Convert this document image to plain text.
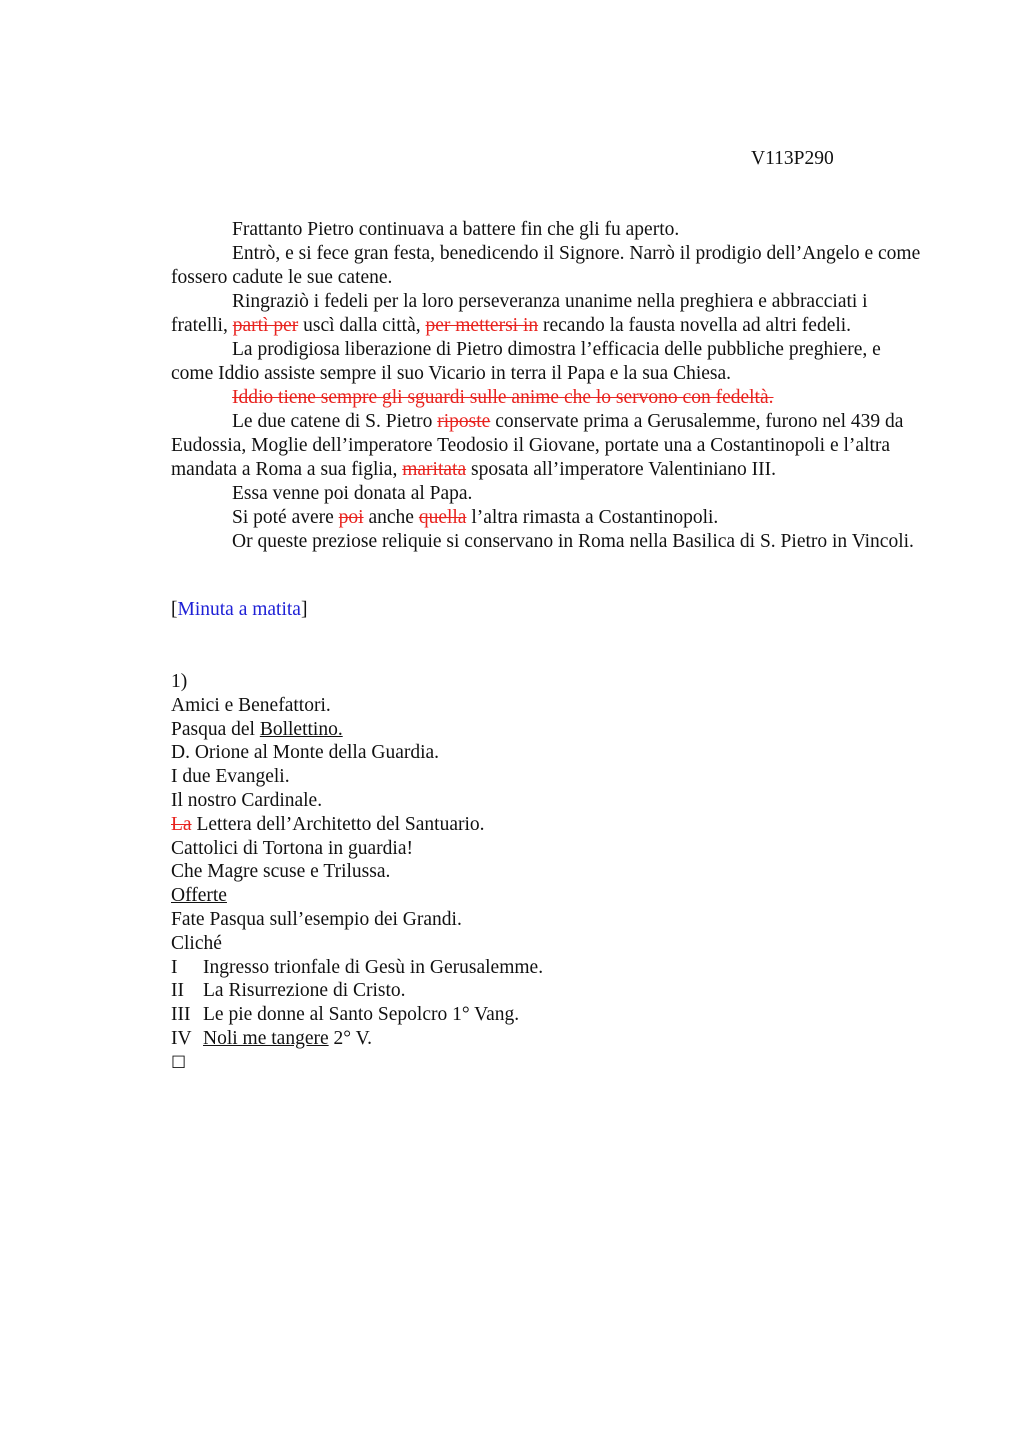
V113P290

Frattanto Pietro continuava a battere fin che gli fu aperto.

Entrò, e si fece gran festa, benedicendo il Signore. Narrò il prodigio dell’Angelo e come fossero cadute le sue catene.

Ringraziò i fedeli per la loro perseveranza unanime nella preghiera e abbracciati i fratelli, partì per uscì dalla città, per mettersi in recando la fausta novella ad altri fedeli.

La prodigiosa liberazione di Pietro dimostra l’efficacia delle pubbliche preghiere, e come Iddio assiste sempre il suo Vicario in terra il Papa e la sua Chiesa.

Iddio tiene sempre gli sguardi sulle anime che lo servono con fedeltà.

Le due catene di S. Pietro riposte conservate prima a Gerusalemme, furono nel 439 da Eudossia, Moglie dell’imperatore Teodosio il Giovane, portate una a Costantinopoli e l’altra mandata a Roma a sua figlia, maritata sposata all’imperatore Valentiniano III.

Essa venne poi donata al Papa.

Si poté avere poi anche quella l’altra rimasta a Costantinopoli.

Or queste preziose reliquie si conservano in Roma nella Basilica di S. Pietro in Vincoli.

[Minuta a matita]
1)
Amici e Benefattori.
Pasqua del Bollettino.
D. Orione al Monte della Guardia.
I due Evangeli.
Il nostro Cardinale.
La Lettera dell’Architetto del Santuario.
Cattolici di Tortona in guardia!
Che Magre scuse e Trilussa.
Offerte
Fate Pasqua sull’esempio dei Grandi.
Cliché
I Ingresso trionfale di Gesù in Gerusalemme.
II La Risurrezione di Cristo.
III Le pie donne al Santo Sepolcro 1° Vang.
IV Noli me tangere 2° V.
☐
